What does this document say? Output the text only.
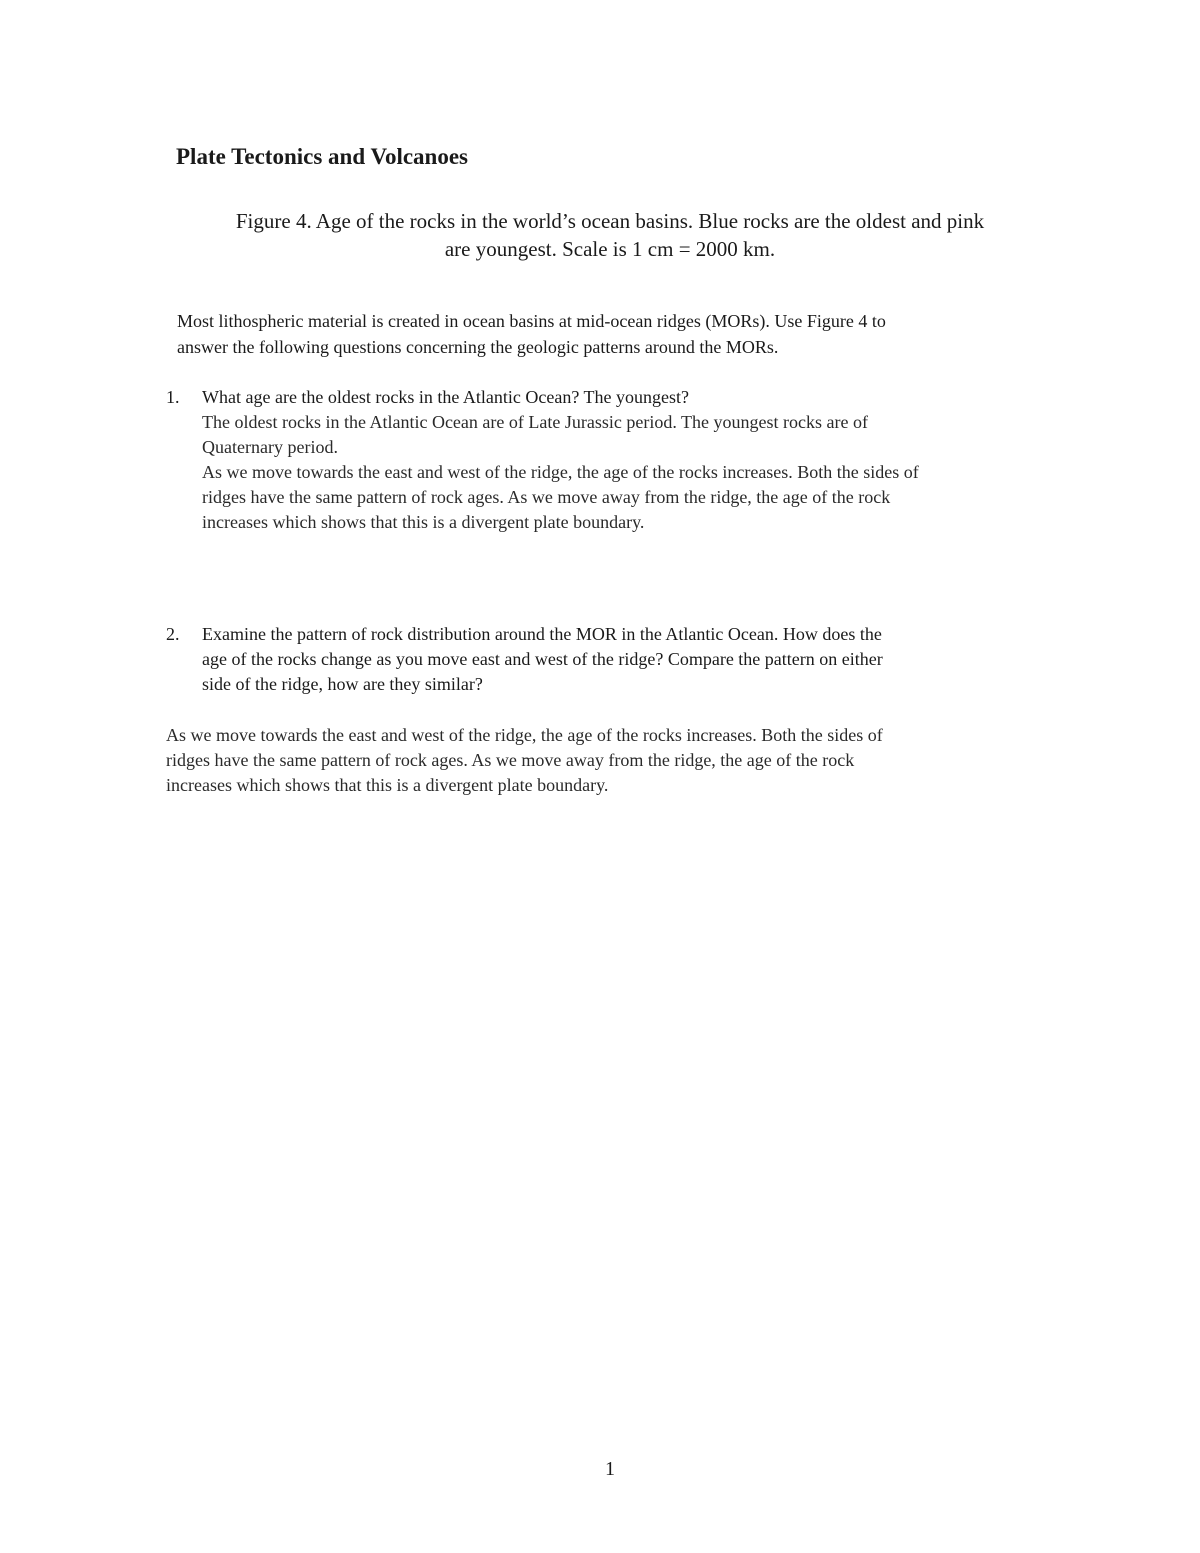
Plate Tectonics and Volcanoes

Figure 4. Age of the rocks in the world’s ocean basins. Blue rocks are the oldest and pink
are youngest. Scale is 1 cm = 2000 km.

Most lithospheric material is created in ocean basins at mid-ocean ridges (MORs). Use Figure 4 to
answer the following questions concerning the geologic patterns around the MORs.

1. What age are the oldest rocks in the Atlantic Ocean? The youngest?
The oldest rocks in the Atlantic Ocean are of Late Jurassic period. The youngest rocks are of
Quaternary period.
As we move towards the east and west of the ridge, the age of the rocks increases. Both the sides of
ridges have the same pattern of rock ages. As we move away from the ridge, the age of the rock
increases which shows that this is a divergent plate boundary.
2. Examine the pattern of rock distribution around the MOR in the Atlantic Ocean. How does the
age of the rocks change as you move east and west of the ridge? Compare the pattern on either
side of the ridge, how are they similar?
As we move towards the east and west of the ridge, the age of the rocks increases. Both the sides of
ridges have the same pattern of rock ages. As we move away from the ridge, the age of the rock
increases which shows that this is a divergent plate boundary.

1
